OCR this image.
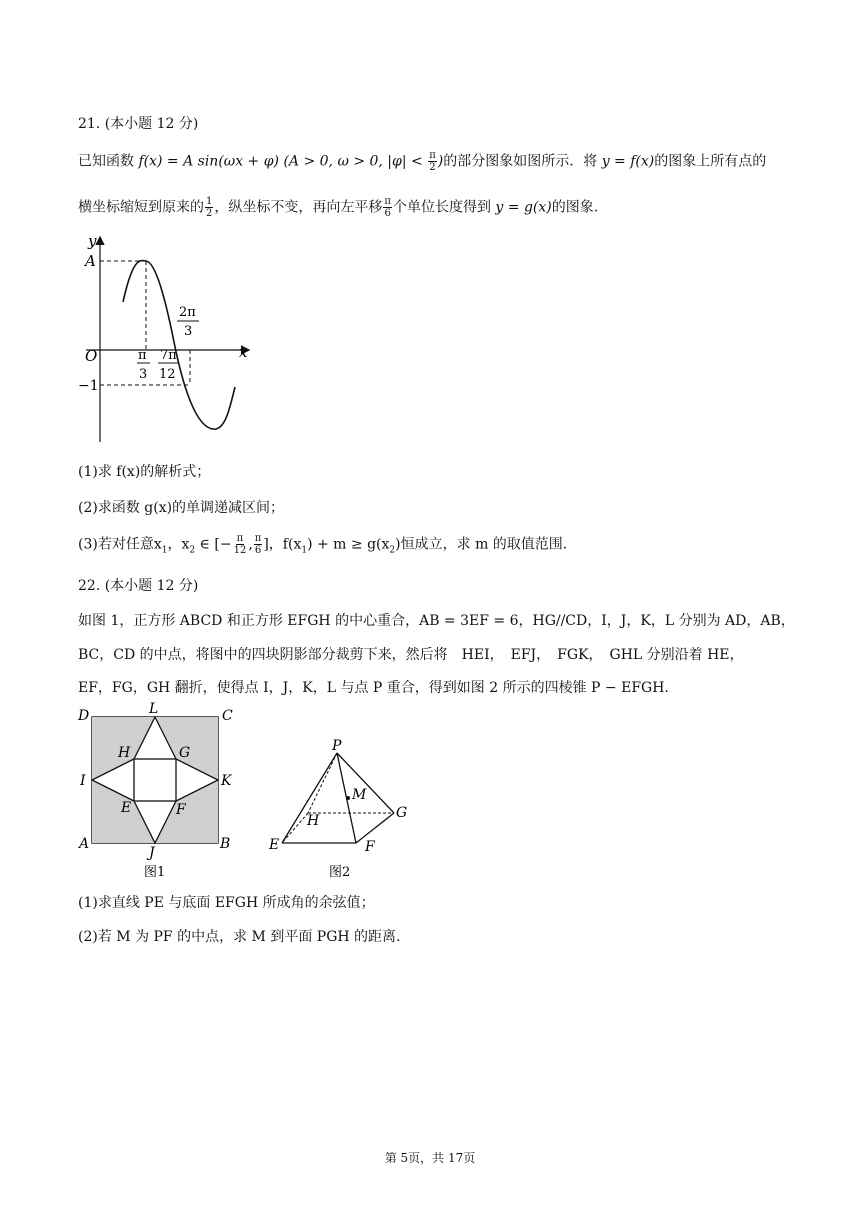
21. (本小题 12 分)
已知函数 f(x) = A sin(ωx + φ) (A > 0, ω > 0, $|\varphi| < \frac{\pi}{2}$ )的部分图象如图所示．将 y = f(x)的图象上所有点的
横坐标缩短到原来的 $\frac{1}{2}$ ，纵坐标不变，再向左平移 $\frac{\pi}{6}$ 个单位长度得到 y = g(x)的图象.
y
x
O
A
−1
π
3
7π
12
2π
3
(1)求 f(x)的解析式；
(2)求函数 g(x)的单调递减区间；
(3)若对任意$x_1$，$x_2$ ∈ [− $\frac{\pi}{12}$ , $\frac{\pi}{6}$ ]，$f(x_1) + m \ge g(x_2)$恒成立，求 m 的取值范围.
22. (本小题 12 分)
如图 1，正方形 ABCD 和正方形 EFGH 的中心重合，AB = 3EF = 6，HG//CD，I，J，K，L 分别为 AD，AB，
BC，CD 的中点，将图中的四块阴影部分裁剪下来，然后将　HEI，　EFJ，　FGK，　GHL 分别沿着 HE，
EF，FG，GH 翻折，使得点 I，J，K，L 与点 P 重合，得到如图 2 所示的四棱锥 P − EFGH.
D	L	C
H	G
I	K
E	F
A
J
B
图1
P
M
G
H
E	F
图2
(1)求直线 PE 与底面 EFGH 所成角的余弦值；
(2)若 M 为 PF 的中点，求 M 到平面 PGH 的距离.
第 5页，共 17页
